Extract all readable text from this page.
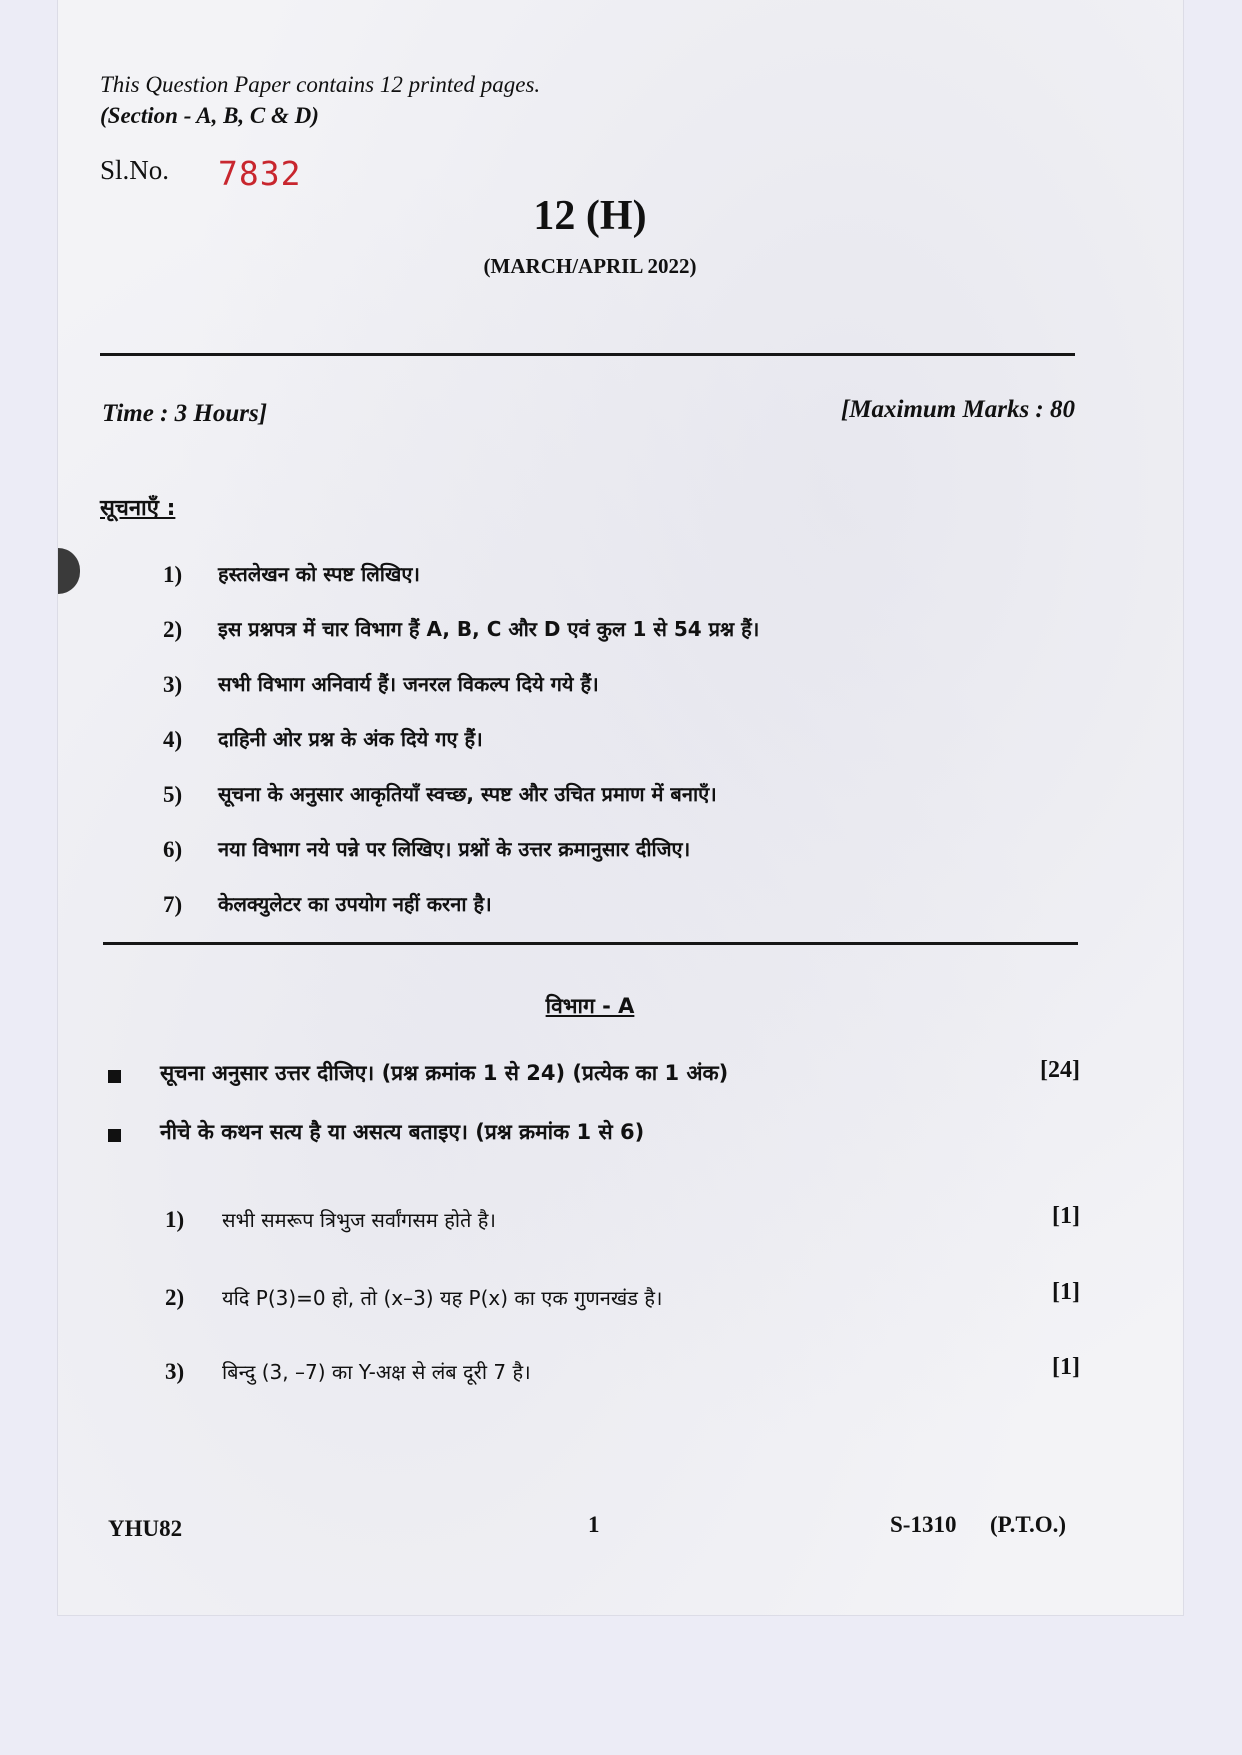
This Question Paper contains 12 printed pages.
(Section - A, B, C & D)
Sl.No. 7832
12 (H)
(MARCH/APRIL 2022)
Time : 3 Hours]	[Maximum Marks : 80
सूचनाएँ :
1) हस्तलेखन को स्पष्ट लिखिए।
2) इस प्रश्नपत्र में चार विभाग हैं A, B, C और D एवं कुल 1 से 54 प्रश्न हैं।
3) सभी विभाग अनिवार्य हैं। जनरल विकल्प दिये गये हैं।
4) दाहिनी ओर प्रश्न के अंक दिये गए हैं।
5) सूचना के अनुसार आकृतियाँ स्वच्छ, स्पष्ट और उचित प्रमाण में बनाएँ।
6) नया विभाग नये पन्ने पर लिखिए। प्रश्नों के उत्तर क्रमानुसार दीजिए।
7) केलक्युलेटर का उपयोग नहीं करना है।
विभाग - A
सूचना अनुसार उत्तर दीजिए। (प्रश्न क्रमांक 1 से 24) (प्रत्येक का 1 अंक)	[24]
नीचे के कथन सत्य है या असत्य बताइए। (प्रश्न क्रमांक 1 से 6)
1) सभी समरूप त्रिभुज सर्वांगसम होते है।	[1]
2) यदि P(3)=0 हो, तो (x–3) यह P(x) का एक गुणनखंड है।	[1]
3) बिन्दु (3, –7) का Y-अक्ष से लंब दूरी 7 है।	[1]
YHU82	1	S-1310 (P.T.O.)
